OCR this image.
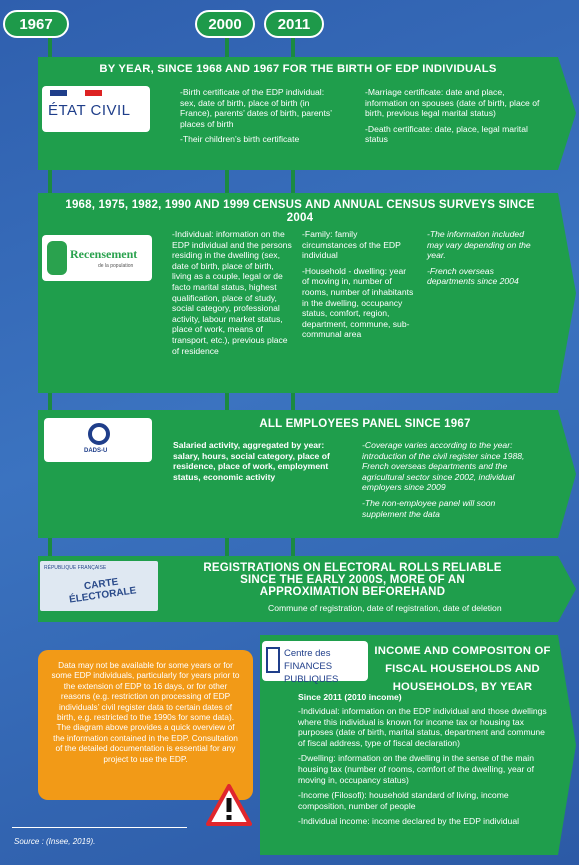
1967	2000	2011
BY YEAR, SINCE 1968 AND 1967 FOR THE BIRTH OF EDP INDIVIDUALS
ÉTAT CIVIL

-Birth certificate of the EDP individual: sex, date of birth, place of birth (in France), parents’ dates of birth, parents’ places of birth

-Their children’s birth certificate

-Marriage certificate: date and place, information on spouses (date of birth, place of birth, previous legal marital status)

-Death certificate: date, place, legal marital status

1968, 1975, 1982, 1990 AND 1999 CENSUS AND ANNUAL CENSUS SURVEYS SINCE 2004
Recensement
de la population

-Individual: information on the EDP individual and the persons residing in the dwelling (sex, date of birth, place of birth, living as a couple, legal or de facto marital status, highest qualification, place of study, social category, professional activity, labour market status, place of work, means of transport, etc.), previous place of residence

-Family: family circumstances of the EDP individual

-Household - dwelling: year of moving in, number of rooms, number of inhabitants in the dwelling, occupancy status, comfort, region, department, commune, sub-communal area

-The information included may vary depending on the year.

-French overseas departments since 2004

ALL EMPLOYEES PANEL SINCE 1967
DADS-U

Salaried activity, aggregated by year: salary, hours, social category, place of residence, place of work, employment status, economic activity

-Coverage varies according to the year: introduction of the civil register since 1988, French overseas departments and the agricultural sector since 2002, individual employers since 2009

-The non-employee panel will soon supplement the data

RÉPUBLIQUE FRANÇAISE
CARTE ÉLECTORALE
REGISTRATIONS ON ELECTORAL ROLLS RELIABLE SINCE THE EARLY 2000S, MORE OF AN APPROXIMATION BEFOREHAND

Commune of registration, date of registration, date of deletion

Centre des FINANCES PUBLIQUES
INCOME AND COMPOSITON OF FISCAL HOUSEHOLDS AND HOUSEHOLDS, BY YEAR
Since 2011 (2010 income)

-Individual: information on the EDP individual and those dwellings where this individual is known for income tax or housing tax purposes (date of birth, marital status, department and commune of fiscal address, type of fiscal declaration)

-Dwelling: information on the dwelling in the sense of the main housing tax (number of rooms, comfort of the dwelling, year of moving in, occupancy status)

-Income (Filosofi): household standard of living, income composition, number of people

-Individual income: income declared by the EDP individual

Data may not be available for some years or for some EDP individuals, particularly for years prior to the extension of EDP to 16 days, or for other reasons (e.g. restriction on processing of EDP individuals’ civil register data to certain dates of birth, e.g. restricted to the 1990s for some data). The diagram above provides a quick overview of the information contained in the EDP. Consultation of the detailed documentation is essential for any project to use the EDP.
Source : (Insee, 2019).
